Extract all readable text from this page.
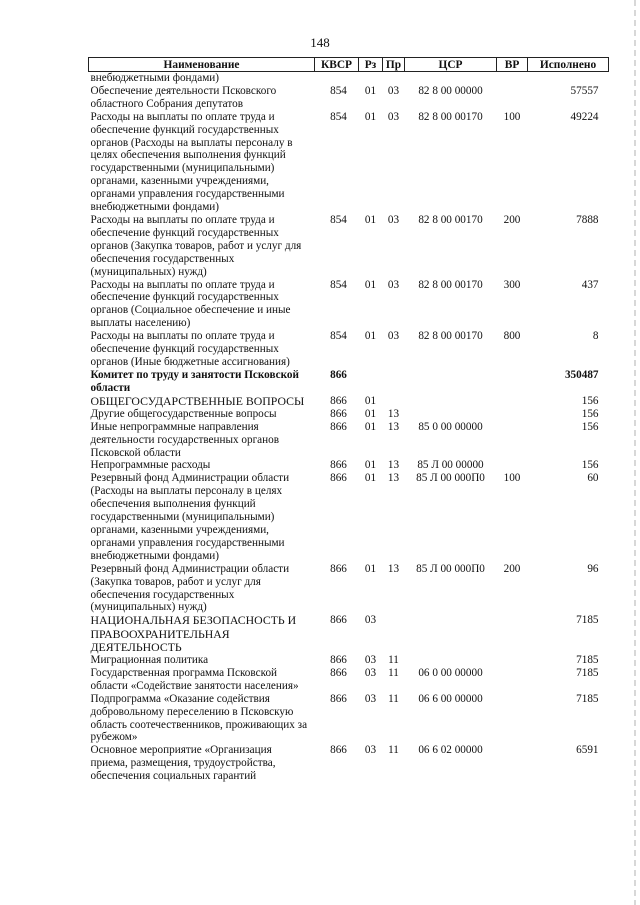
148
Наименование	КВСР	Рз	Пр	ЦСР	ВР	Исполнено
внебюджетными фондами)						
Обеспечение деятельности Псковского областного Собрания депутатов	854	01	03	82 8 00 00000		57557
Расходы на выплаты по оплате труда и обеспечение функций государственных органов (Расходы на выплаты персоналу в целях обеспечения выполнения функций государственными (муниципальными) органами, казенными учреждениями, органами управления государственными внебюджетными фондами)	854	01	03	82 8 00 00170	100	49224
Расходы на выплаты по оплате труда и обеспечение функций государственных органов (Закупка товаров, работ и услуг для обеспечения государственных (муниципальных) нужд)	854	01	03	82 8 00 00170	200	7888
Расходы на выплаты по оплате труда и обеспечение функций государственных органов (Социальное обеспечение и иные выплаты населению)	854	01	03	82 8 00 00170	300	437
Расходы на выплаты по оплате труда и обеспечение функций государственных органов (Иные бюджетные ассигнования)	854	01	03	82 8 00 00170	800	8
Комитет по труду и занятости Псковской области	866					350487
ОБЩЕГОСУДАРСТВЕННЫЕ ВОПРОСЫ	866	01				156
Другие общегосударственные вопросы	866	01	13			156
Иные непрограммные направления деятельности государственных органов Псковской области	866	01	13	85 0 00 00000		156
Непрограммные расходы	866	01	13	85 Л 00 00000		156
Резервный фонд Администрации области (Расходы на выплаты персоналу в целях обеспечения выполнения функций государственными (муниципальными) органами, казенными учреждениями, органами управления государственными внебюджетными фондами)	866	01	13	85 Л 00 000П0	100	60
Резервный фонд Администрации области (Закупка товаров, работ и услуг для обеспечения государственных (муниципальных) нужд)	866	01	13	85 Л 00 000П0	200	96
НАЦИОНАЛЬНАЯ БЕЗОПАСНОСТЬ И ПРАВООХРАНИТЕЛЬНАЯ ДЕЯТЕЛЬНОСТЬ	866	03				7185
Миграционная политика	866	03	11			7185
Государственная программа Псковской области «Содействие занятости населения»	866	03	11	06 0 00 00000		7185
Подпрограмма «Оказание содействия добровольному переселению в Псковскую область соотечественников, проживающих за рубежом»	866	03	11	06 6 00 00000		7185
Основное мероприятие «Организация приема, размещения, трудоустройства, обеспечения социальных гарантий	866	03	11	06 6 02 00000		6591
